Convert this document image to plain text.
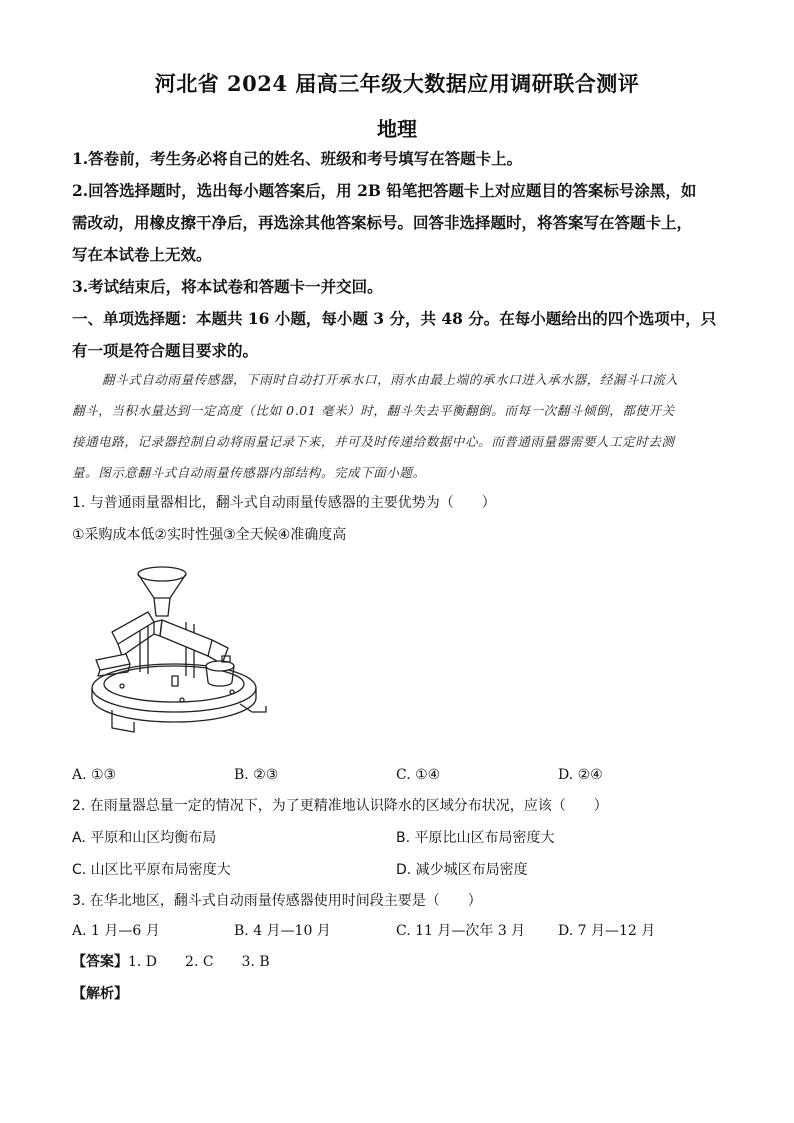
河北省 2024 届高三年级大数据应用调研联合测评
地理
1.答卷前，考生务必将自己的姓名、班级和考号填写在答题卡上。
2.回答选择题时，选出每小题答案后，用 2B 铅笔把答题卡上对应题目的答案标号涂黑，如
需改动，用橡皮擦干净后，再选涂其他答案标号。回答非选择题时，将答案写在答题卡上，
写在本试卷上无效。
3.考试结束后，将本试卷和答题卡一并交回。
一、单项选择题：本题共 16 小题，每小题 3 分，共 48 分。在每小题给出的四个选项中，只
有一项是符合题目要求的。
翻斗式自动雨量传感器，下雨时自动打开承水口，雨水由最上端的承水口进入承水器，经漏斗口流入
翻斗，当积水量达到一定高度（比如 0.01 毫米）时，翻斗失去平衡翻倒。而每一次翻斗倾倒，都使开关
接通电路，记录器控制自动将雨量记录下来，并可及时传递给数据中心。而普通雨量器需要人工定时去测
量。图示意翻斗式自动雨量传感器内部结构。完成下面小题。
1. 与普通雨量器相比，翻斗式自动雨量传感器的主要优势为（　　）
①采购成本低②实时性强③全天候④准确度高
A. ①③	B. ②③	C. ①④	D. ②④
2. 在雨量器总量一定的情况下，为了更精准地认识降水的区域分布状况，应该（　　）
A. 平原和山区均衡布局	B. 平原比山区布局密度大
C. 山区比平原布局密度大	D. 减少城区布局密度
3. 在华北地区，翻斗式自动雨量传感器使用时间段主要是（　　）
A. 1 月—6 月	B. 4 月—10 月	C. 11 月—次年 3 月 D. 7 月—12 月
【答案】1. D　　2. C　　3. B
【解析】
